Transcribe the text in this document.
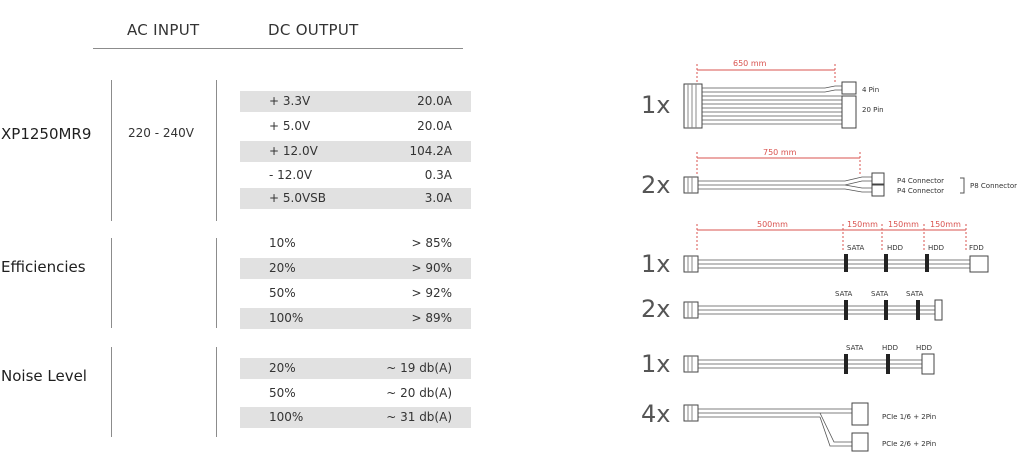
AC INPUT	DC OUTPUT
XP1250MR9	220 - 240V
+ 3.3V	20.0A
+ 5.0V	20.0A
+ 12.0V	104.2A
- 12.0V	0.3A
+ 5.0VSB	3.0A
Efficiencies
10%	> 85%
20%	> 90%
50%	> 92%
100%	> 89%
Noise Level	20%	~ 19 db(A)
50%	~ 20 db(A)
100%	~ 31 db(A)
1x
650 mm
4 Pin
20 Pin
2x
750 mm
P4 Connector
P4 Connector
P8 Connector
1x
500mm	150mm 150mm 150mm
SATA	HDD	HDD	FDD
2x
SATA	SATA	SATA
1x
SATA	HDD	HDD
4x	PCIe 1/6 + 2Pin
PCIe 2/6 + 2Pin
